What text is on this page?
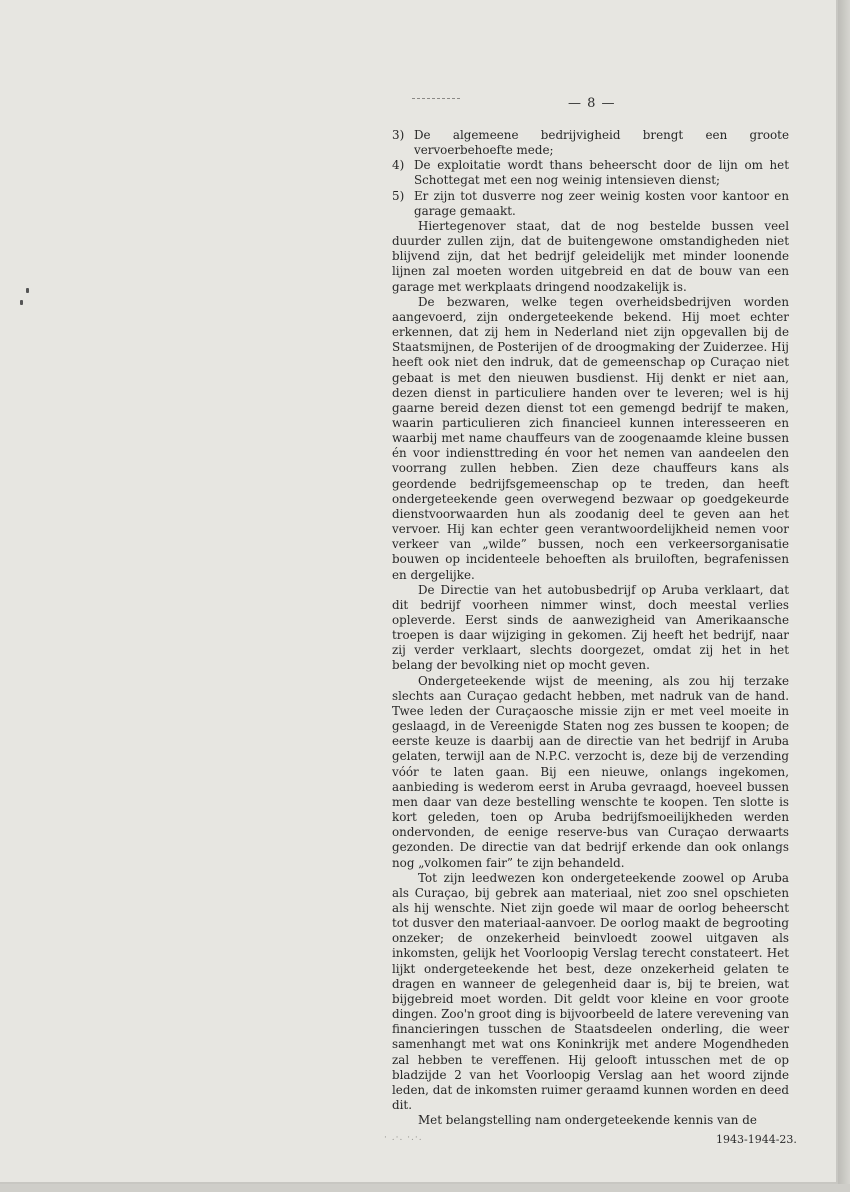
— 8 —
3) De algemeene bedrijvigheid brengt een groote vervoerbehoefte mede;
4) De exploitatie wordt thans beheerscht door de lijn om het Schottegat met een nog weinig intensieven dienst;
5) Er zijn tot dusverre nog zeer weinig kosten voor kantoor en garage gemaakt.

Hiertegenover staat, dat de nog bestelde bussen veel duurder zullen zijn, dat de buitengewone omstandigheden niet blijvend zijn, dat het bedrijf geleidelijk met minder loonende lijnen zal moeten worden uitgebreid en dat de bouw van een garage met werkplaats dringend noodzakelijk is.

De bezwaren, welke tegen overheidsbedrijven worden aangevoerd, zijn ondergeteekende bekend. Hij moet echter erkennen, dat zij hem in Nederland niet zijn opgevallen bij de Staatsmijnen, de Posterijen of de droogmaking der Zuiderzee. Hij heeft ook niet den indruk, dat de gemeenschap op Curaçao niet gebaat is met den nieuwen busdienst. Hij denkt er niet aan, dezen dienst in particuliere handen over te leveren; wel is hij gaarne bereid dezen dienst tot een gemengd bedrijf te maken, waarin particulieren zich financieel kunnen interesseeren en waarbij met name chauffeurs van de zoogenaamde kleine bussen én voor indiensttreding én voor het nemen van aandeelen den voorrang zullen hebben. Zien deze chauffeurs kans als geordende bedrijfsgemeenschap op te treden, dan heeft ondergeteekende geen overwegend bezwaar op goedgekeurde dienstvoorwaarden hun als zoodanig deel te geven aan het vervoer. Hij kan echter geen verantwoordelijkheid nemen voor verkeer van „wilde” bussen, noch een verkeersorganisatie bouwen op incidenteele behoeften als bruiloften, begrafenissen en dergelijke.

De Directie van het autobusbedrijf op Aruba verklaart, dat dit bedrijf voorheen nimmer winst, doch meestal verlies opleverde. Eerst sinds de aanwezigheid van Amerikaansche troepen is daar wijziging in gekomen. Zij heeft het bedrijf, naar zij verder verklaart, slechts doorgezet, omdat zij het in het belang der bevolking niet op mocht geven.

Ondergeteekende wijst de meening, als zou hij terzake slechts aan Curaçao gedacht hebben, met nadruk van de hand. Twee leden der Curaçaosche missie zijn er met veel moeite in geslaagd, in de Vereenigde Staten nog zes bussen te koopen; de eerste keuze is daarbij aan de directie van het bedrijf in Aruba gelaten, terwijl aan de N.P.C. verzocht is, deze bij de verzending vóór te laten gaan. Bij een nieuwe, onlangs ingekomen, aanbieding is wederom eerst in Aruba gevraagd, hoeveel bussen men daar van deze bestelling wenschte te koopen. Ten slotte is kort geleden, toen op Aruba bedrijfsmoeilijkheden werden ondervonden, de eenige reserve-bus van Curaçao derwaarts gezonden. De directie van dat bedrijf erkende dan ook onlangs nog „volkomen fair” te zijn behandeld.

Tot zijn leedwezen kon ondergeteekende zoowel op Aruba als Curaçao, bij gebrek aan materiaal, niet zoo snel opschieten als hij wenschte. Niet zijn goede wil maar de oorlog beheerscht tot dusver den materiaal-aanvoer. De oorlog maakt de begrooting onzeker; de onzekerheid beinvloedt zoowel uitgaven als inkomsten, gelijk het Voorloopig Verslag terecht constateert. Het lijkt ondergeteekende het best, deze onzekerheid gelaten te dragen en wanneer de gelegenheid daar is, bij te breien, wat bijgebreid moet worden. Dit geldt voor kleine en voor groote dingen. Zoo'n groot ding is bijvoorbeeld de latere verevening van financieringen tusschen de Staatsdeelen onderling, die weer samenhangt met wat ons Koninkrijk met andere Mogendheden zal hebben te vereffenen. Hij gelooft intusschen met de op bladzijde 2 van het Voorloopig Verslag aan het woord zijnde leden, dat de inkomsten ruimer geraamd kunnen worden en deed dit.

Met belangstelling nam ondergeteekende kennis van de

· .·. ·.·.	1943-1944-23.
